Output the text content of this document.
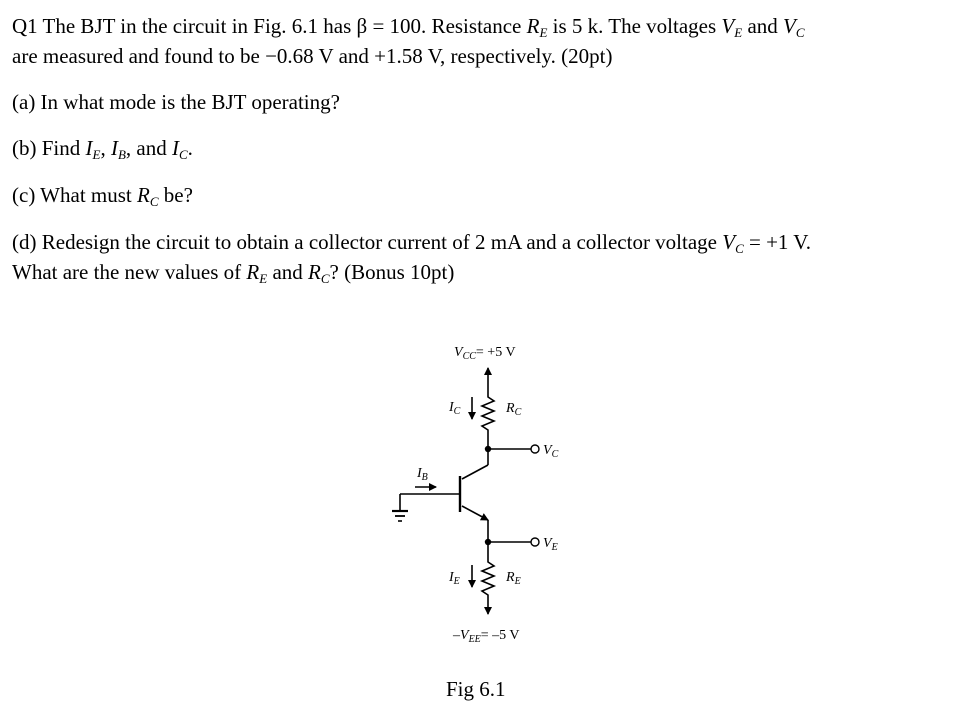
Q1 The BJT in the circuit in Fig. 6.1 has β = 100. Resistance $R_E$ is 5 k. The voltages $V_E$ and $V_C$
are measured and found to be −0.68 V and +1.58 V, respectively. (20pt)
(a) In what mode is the BJT operating?
(b) Find $I_E$, $I_B$, and $I_C$.
(c) What must $R_C$ be?
(d) Redesign the circuit to obtain a collector current of 2 mA and a collector voltage $V_C = +1$ V.
What are the new values of $R_E$ and $R_C$? (Bonus 10pt)
$V_{CC}= +5$ V
$I_C$	$R_C$
$V_C$
$I_B$
$V_E$
$I_E$	$R_E$
$-V_{EE}= -5$ V
Fig 6.1
